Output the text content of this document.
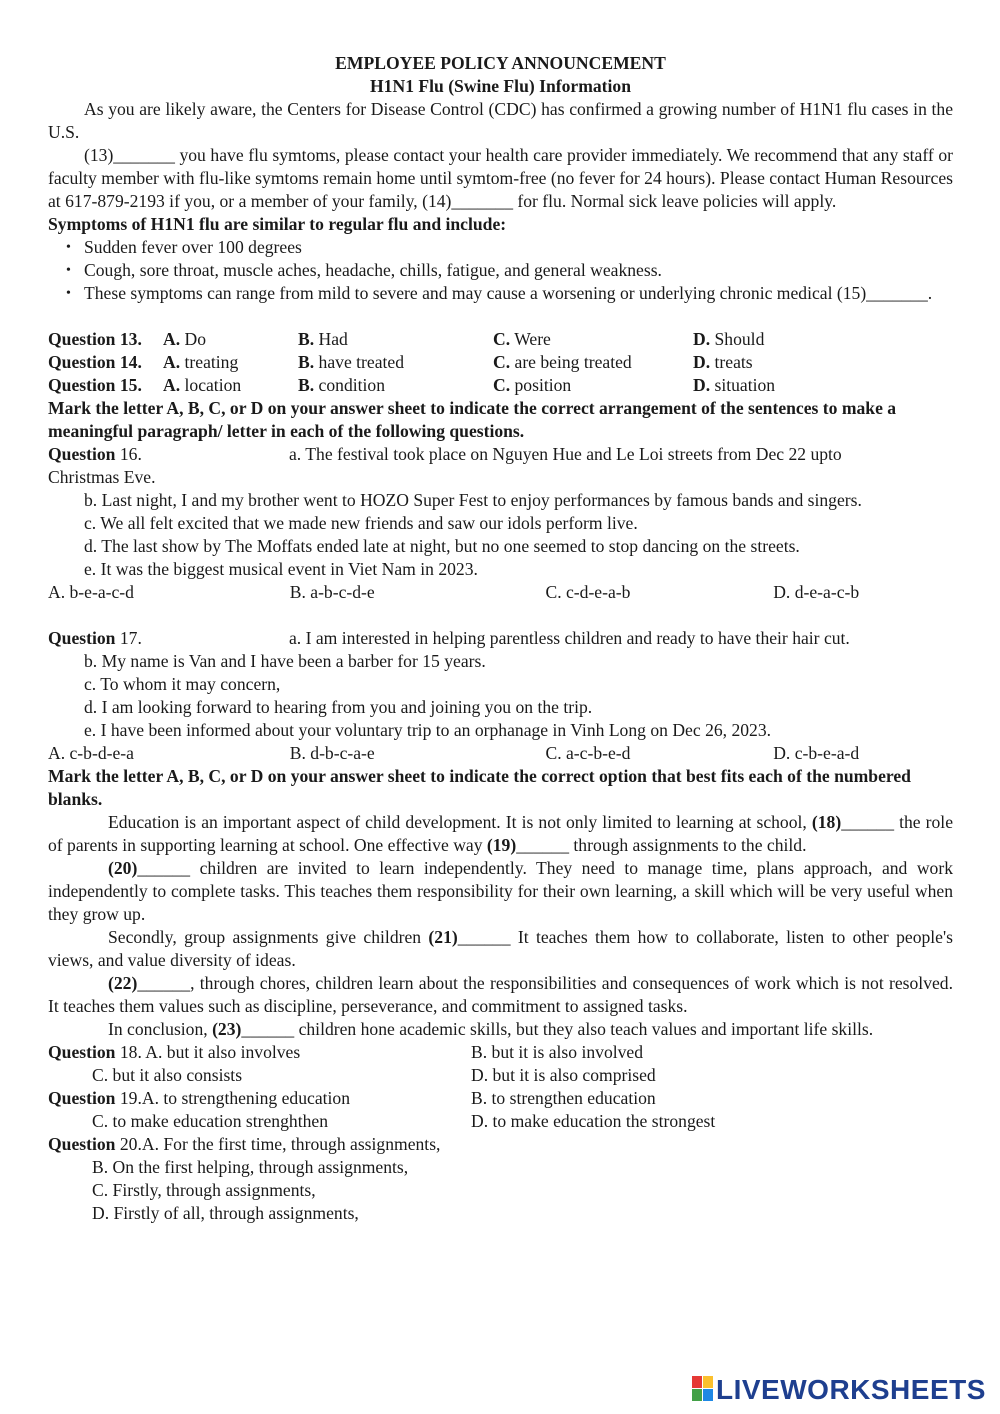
EMPLOYEE POLICY ANNOUNCEMENT
H1N1 Flu (Swine Flu) Information

As you are likely aware, the Centers for Disease Control (CDC) has confirmed a growing number of H1N1 flu cases in the U.S.

(13)_______ you have flu symtoms, please contact your health care provider immediately. We recommend that any staff or faculty member with flu-like symtoms remain home until symtom-free (no fever for 24 hours). Please contact Human Resources at 617-879-2193 if you, or a member of your family, (14)_______ for flu. Normal sick leave policies will apply.

Symptoms of H1N1 flu are similar to regular flu and include:
• Sudden fever over 100 degrees
• Cough, sore throat, muscle aches, headache, chills, fatigue, and general weakness.
• These symptoms can range from mild to severe and may cause a worsening or underlying chronic medical (15)_______.
Question 13.	A. Do	B. Had	C. Were	D. Should
Question 14.	A. treating	B. have treated	C. are being treated	D. treats
Question 15.	A. location	B. condition	C. position	D. situation
Mark the letter A, B, C, or D on your answer sheet to indicate the correct arrangement of the sentences to make a meaningful paragraph/ letter in each of the following questions.
Question 16.	a. The festival took place on Nguyen Hue and Le Loi streets from Dec 22 upto
Christmas Eve.

b. Last night, I and my brother went to HOZO Super Fest to enjoy performances by famous bands and singers.

c. We all felt excited that we made new friends and saw our idols perform live.
d. The last show by The Moffats ended late at night, but no one seemed to stop dancing on the streets.
e. It was the biggest musical event in Viet Nam in 2023.
A. b-e-a-c-d	B. a-b-c-d-e	C. c-d-e-a-b	D. d-e-a-c-b
Question 17.	a. I am interested in helping parentless children and ready to have their hair cut.
b. My name is Van and I have been a barber for 15 years.
c. To whom it may concern,
d. I am looking forward to hearing from you and joining you on the trip.
e. I have been informed about your voluntary trip to an orphanage in Vinh Long on Dec 26, 2023.
A. c-b-d-e-a	B. d-b-c-a-e	C. a-c-b-e-d	D. c-b-e-a-d
Mark the letter A, B, C, or D on your answer sheet to indicate the correct option that best fits each of the numbered blanks.

Education is an important aspect of child development. It is not only limited to learning at school, (18)______ the role of parents in supporting learning at school. One effective way (19)______ through assignments to the child.

(20)______ children are invited to learn independently. They need to manage time, plans approach, and work independently to complete tasks. This teaches them responsibility for their own learning, a skill which will be very useful when they grow up.

Secondly, group assignments give children (21)______ It teaches them how to collaborate, listen to other people's views, and value diversity of ideas.

(22)______, through chores, children learn about the responsibilities and consequences of work which is not resolved. It teaches them values such as discipline, perseverance, and commitment to assigned tasks.

In conclusion, (23)______ children hone academic skills, but they also teach values and important life skills.

Question 18. A. but it also involves	B. but it is also involved
C. but it also consists	D. but it is also comprised
Question 19.A. to strengthening education	B. to strengthen education
C. to make education strenghthen	D. to make education the strongest
Question 20.A. For the first time, through assignments,
B. On the first helping, through assignments,
C. Firstly, through assignments,
D. Firstly of all, through assignments,
LIVEWORKSHEETS
